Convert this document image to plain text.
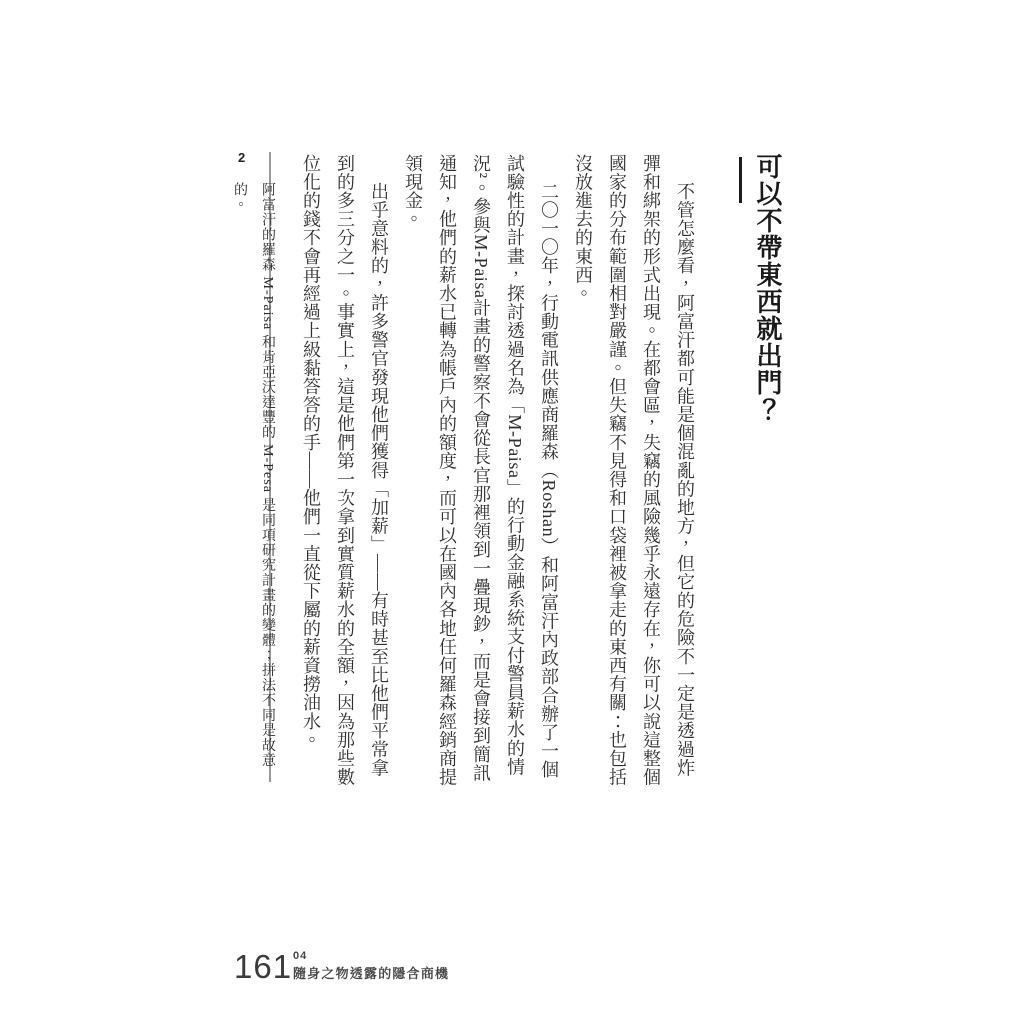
可以不帶東西就出門？

不管怎麼看，阿富汗都可能是個混亂的地方，但它的危險不一定是透過炸彈和綁架的形式出現。在都會區，失竊的風險幾乎永遠存在，你可以說這整個國家的分布範圍相對嚴謹。但失竊不見得和口袋裡被拿走的東西有關：也包括沒放進去的東西。

二〇一〇年，行動電訊供應商羅森（Roshan）和阿富汗內政部合辦了一個試驗性的計畫，探討透過名為「M-Paisa」的行動金融系統支付警員薪水的情況²。參與M-Paisa計畫的警察不會從長官那裡領到一疊現鈔，而是會接到簡訊通知，他們的薪水已轉為帳戶內的額度，而可以在國內各地任何羅森經銷商提領現金。

出乎意料的，許多警官發現他們獲得「加薪」——有時甚至比他們平常拿到的多三分之一。事實上，這是他們第一次拿到實質薪水的全額，因為那些數位化的錢不會再經過上級黏答答的手——他們一直從下屬的薪資撈油水。

2
阿富汗的羅森 M-Paisa 和肯亞沃達豐的 M-Pesa 是同項研究計畫的變體；拼法不同是故意的。
161 04
隨身之物透露的隱含商機
